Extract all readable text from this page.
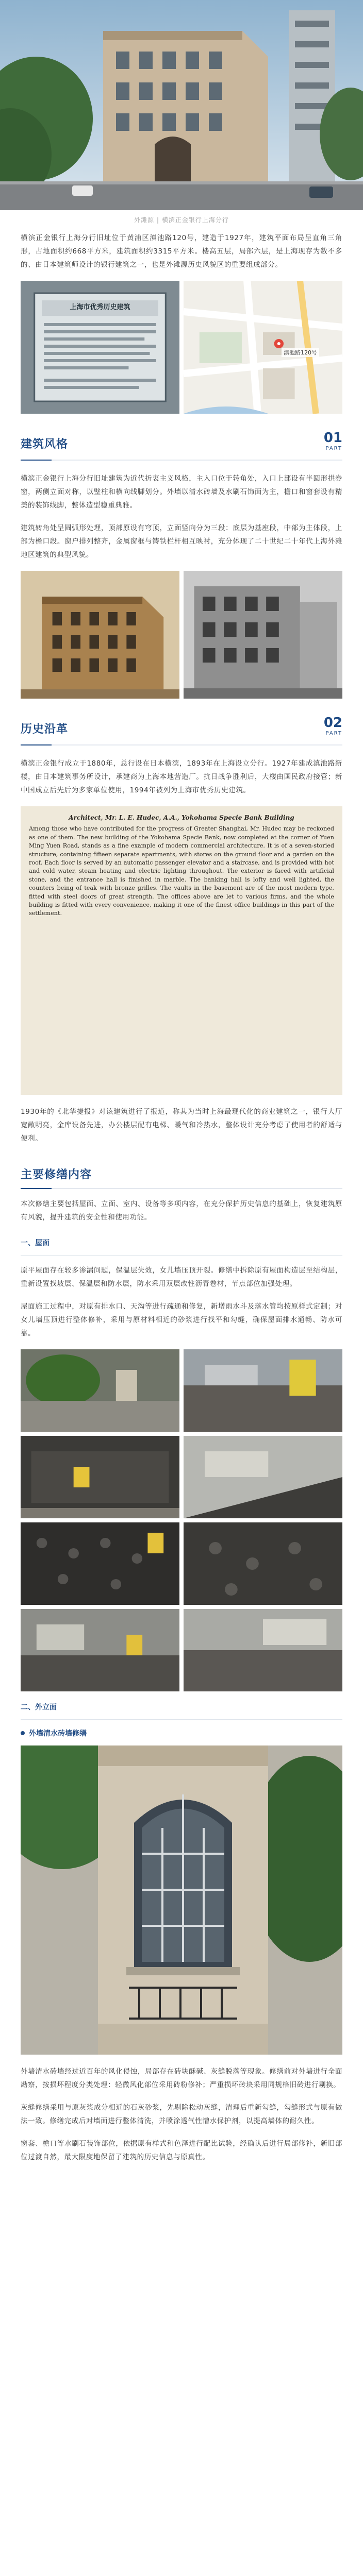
外滩源 | 横滨正金银行上海分行
横滨正金银行上海分行旧址位于黄浦区滇池路120号，建造于1927年，建筑平面布局呈直角三角形，占地面积约668平方米，建筑面积约3315平方米。楼高五层，局部六层，是上海现存为数不多的、由日本建筑师设计的银行建筑之一，也是外滩源历史风貌区的重要组成部分。
上海市优秀历史建筑
滇池路120号
建筑风格	01
PART
横滨正金银行上海分行旧址建筑为近代折衷主义风格，主入口位于转角处，入口上部设有半圆形拱券窗，两侧立面对称，以壁柱和横向线脚划分。外墙以清水砖墙及水刷石饰面为主，檐口和窗套设有精美的装饰线脚，整体造型稳重典雅。
建筑转角处呈圆弧形处理，顶部原设有穹顶，立面竖向分为三段：底层为基座段，中部为主体段，上部为檐口段。窗户排列整齐，金属窗框与铸铁栏杆相互映衬，充分体现了二十世纪二十年代上海外滩地区建筑的典型风貌。
历史沿革	02
PART
横滨正金银行成立于1880年，总行设在日本横滨，1893年在上海设立分行。1927年建成滇池路新楼，由日本建筑事务所设计，承建商为上海本地营造厂。抗日战争胜利后，大楼由国民政府接管；新中国成立后先后为多家单位使用，1994年被列为上海市优秀历史建筑。
Architect, Mr. L. E. Hudec, A.A., Yokohama Specie Bank Building
Among those who have contributed for the progress of Greater Shanghai, Mr. Hudec may be reckoned as one of them. The new building of the Yokohama Specie Bank, now completed at the corner of Yuen Ming Yuen Road, stands as a fine example of modern commercial architecture. It is of a seven-storied structure, containing fifteen separate apartments, with stores on the ground floor and a garden on the roof. Each floor is served by an automatic passenger elevator and a staircase, and is provided with hot and cold water, steam heating and electric lighting throughout. The exterior is faced with artificial stone, and the entrance hall is finished in marble. The banking hall is lofty and well lighted, the counters being of teak with bronze grilles. The vaults in the basement are of the most modern type, fitted with steel doors of great strength. The offices above are let to various firms, and the whole building is fitted with every convenience, making it one of the finest office buildings in this part of the settlement.
1930年的《北华捷报》对该建筑进行了报道，称其为当时上海最现代化的商业建筑之一，银行大厅宽敞明亮，金库设备先进，办公楼层配有电梯、暖气和冷热水，整体设计充分考虑了使用者的舒适与便利。
主要修缮内容
本次修缮主要包括屋面、立面、室内、设备等多项内容，在充分保护历史信息的基础上，恢复建筑原有风貌，提升建筑的安全性和使用功能。
一、屋面
原平屋面存在较多渗漏问题，保温层失效，女儿墙压顶开裂。修缮中拆除原有屋面构造层至结构层，重新设置找坡层、保温层和防水层，防水采用双层改性沥青卷材，节点部位加强处理。
屋面施工过程中，对原有排水口、天沟等进行疏通和修复，新增雨水斗及落水管均按原样式定制；对女儿墙压顶进行整体修补，采用与原材料相近的砂浆进行找平和勾缝，确保屋面排水通畅、防水可靠。
二、外立面
外墙清水砖墙修缮
外墙清水砖墙经过近百年的风化侵蚀，局部存在砖块酥碱、灰缝脱落等现象。修缮前对外墙进行全面勘察，按损坏程度分类处理：轻微风化部位采用砖粉修补；严重损坏砖块采用同规格旧砖进行剔换。
灰缝修缮采用与原灰浆成分相近的石灰砂浆，先剔除松动灰缝，清理后重新勾缝，勾缝形式与原有做法一致。修缮完成后对墙面进行整体清洗，并喷涂透气性憎水保护剂，以提高墙体的耐久性。
窗套、檐口等水刷石装饰部位，依据原有样式和色泽进行配比试验，经确认后进行局部修补，新旧部位过渡自然，最大限度地保留了建筑的历史信息与原真性。
